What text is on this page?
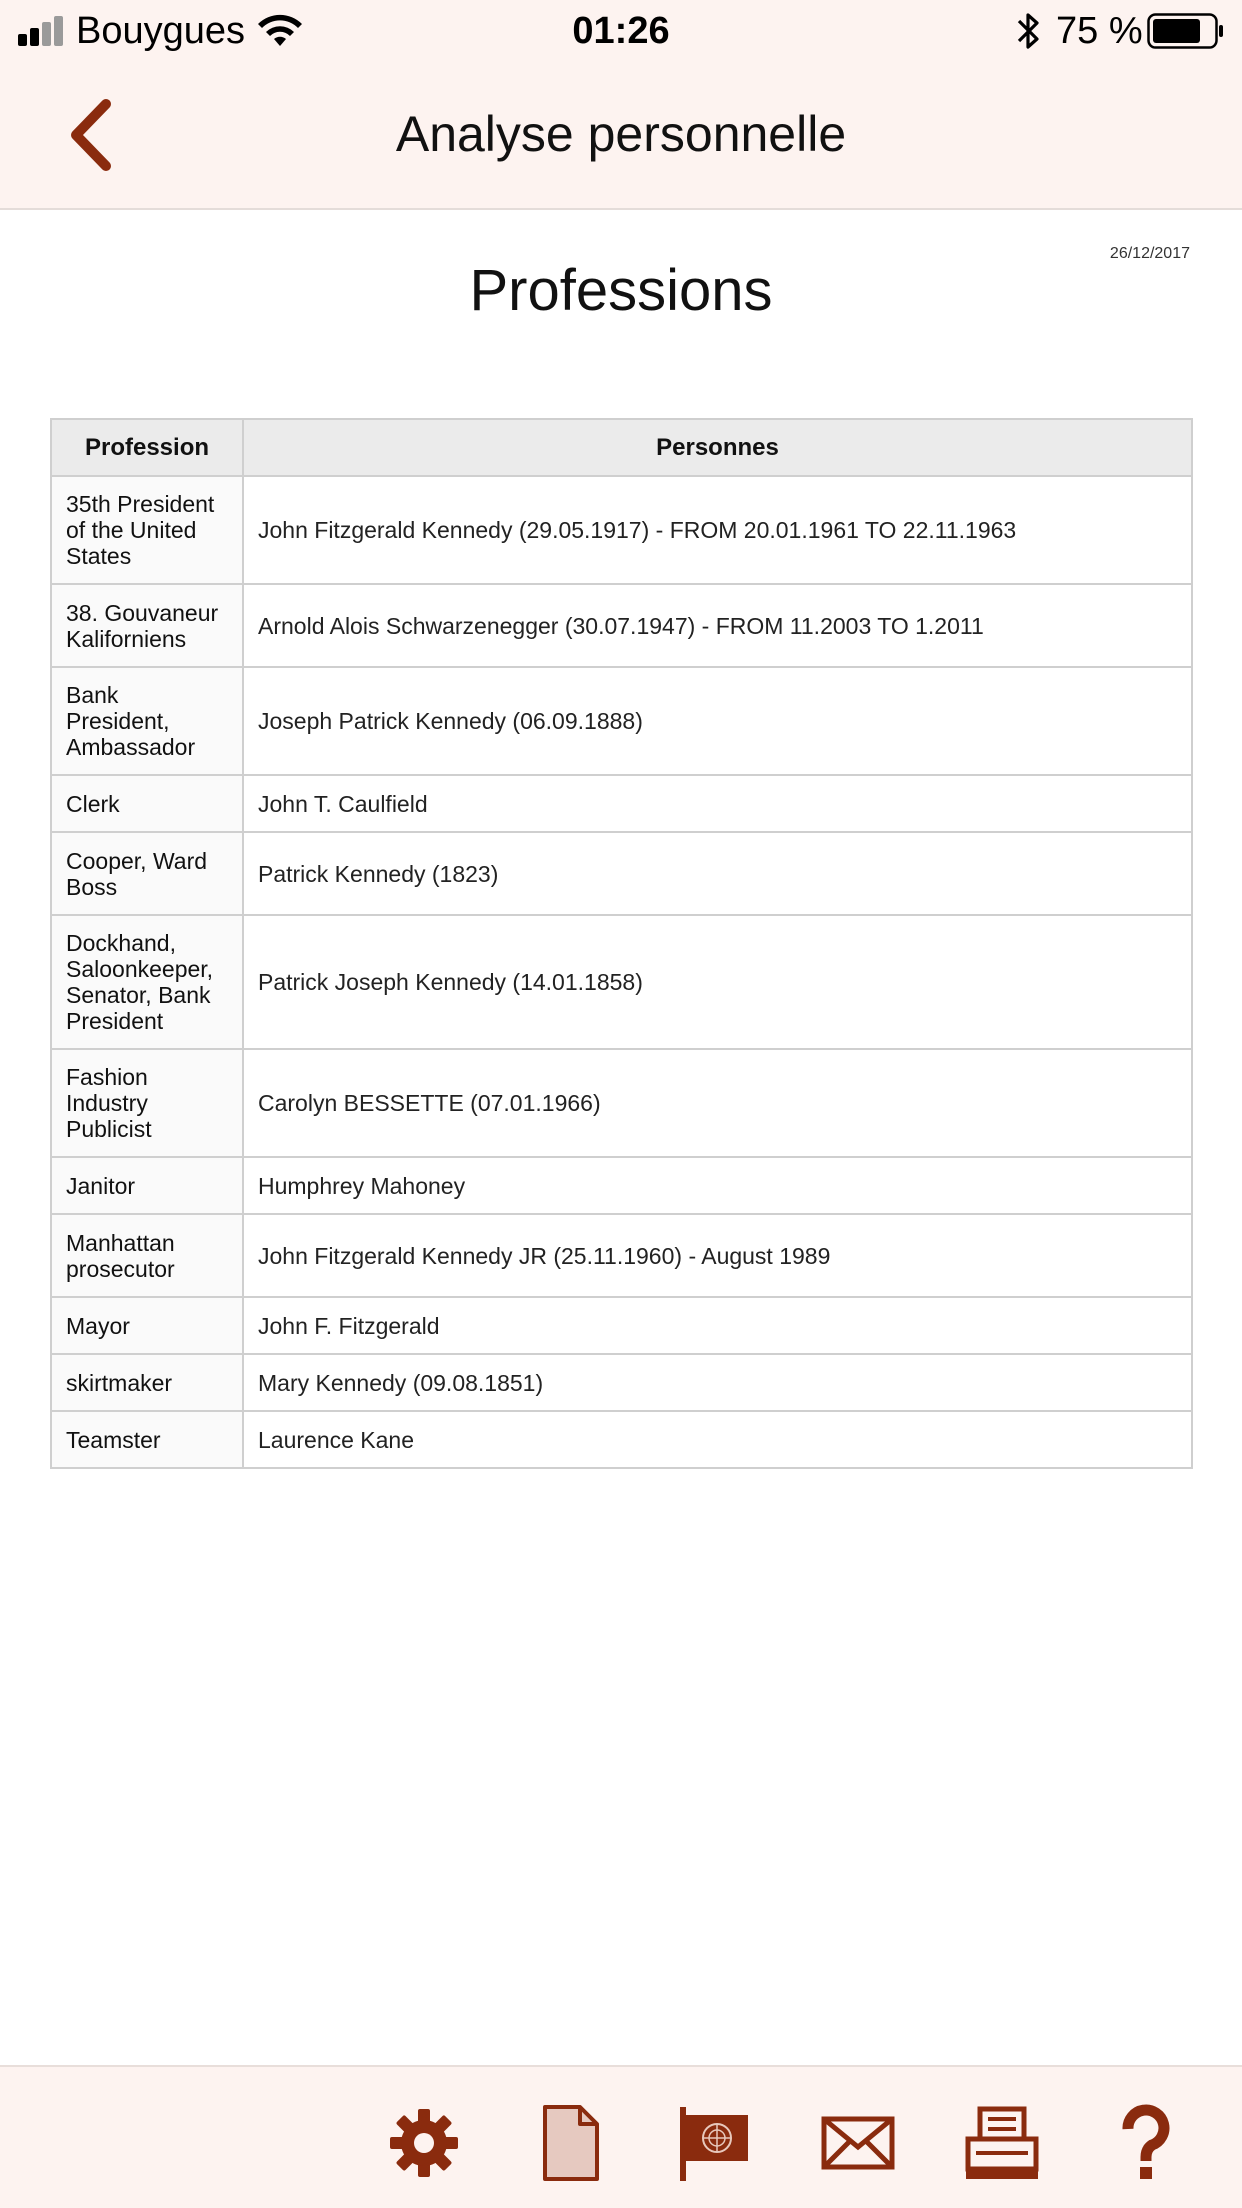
Bouygues	01:26	75 %
Analyse personnelle
26/12/2017
Professions
Profession	Personnes
35th President of the United States	John Fitzgerald Kennedy (29.05.1917) - FROM 20.01.1961 TO 22.11.1963
38. Gouvaneur Kaliforniens	Arnold Alois Schwarzenegger (30.07.1947) - FROM 11.2003 TO 1.2011
Bank President, Ambassador	Joseph Patrick Kennedy (06.09.1888)
Clerk	John T. Caulfield
Cooper, Ward Boss	Patrick Kennedy (1823)
Dockhand, Saloonkeeper, Senator, Bank President	Patrick Joseph Kennedy (14.01.1858)
Fashion Industry Publicist	Carolyn BESSETTE (07.01.1966)
Janitor	Humphrey Mahoney
Manhattan prosecutor	John Fitzgerald Kennedy JR (25.11.1960) - August 1989
Mayor	John F. Fitzgerald
skirtmaker	Mary Kennedy (09.08.1851)
Teamster	Laurence Kane
